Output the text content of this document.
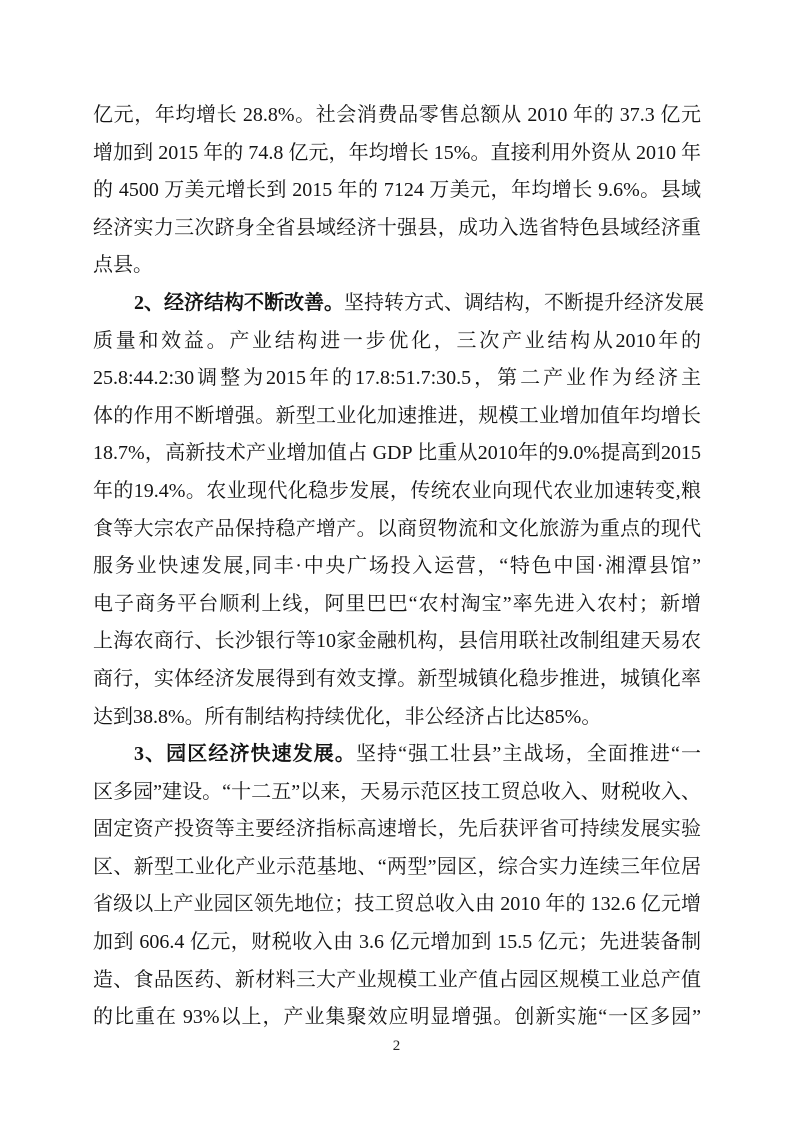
亿元，年均增长 28.8%。社会消费品零售总额从 2010 年的 37.3 亿元
增加到 2015 年的 74.8 亿元，年均增长 15%。直接利用外资从 2010 年
的 4500 万美元增长到 2015 年的 7124 万美元，年均增长 9.6%。县域
经济实力三次跻身全省县域经济十强县，成功入选省特色县域经济重
点县。
2、经济结构不断改善。坚持转方式、调结构，不断提升经济发展
质量和效益。产业结构进一步优化，三次产业结构从2010年的
25.8:44.2:30调整为2015年的17.8:51.7:30.5，第二产业作为经济主
体的作用不断增强。新型工业化加速推进，规模工业增加值年均增长
18.7%，高新技术产业增加值占 GDP 比重从2010年的9.0%提高到2015
年的19.4%。农业现代化稳步发展，传统农业向现代农业加速转变,粮
食等大宗农产品保持稳产增产。以商贸物流和文化旅游为重点的现代
服务业快速发展,同丰·中央广场投入运营，“特色中国·湘潭县馆”
电子商务平台顺利上线，阿里巴巴“农村淘宝”率先进入农村；新增
上海农商行、长沙银行等10家金融机构，县信用联社改制组建天易农
商行，实体经济发展得到有效支撑。新型城镇化稳步推进，城镇化率
达到38.8%。所有制结构持续优化，非公经济占比达85%。
3、园区经济快速发展。坚持“强工壮县”主战场，全面推进“一
区多园”建设。“十二五”以来，天易示范区技工贸总收入、财税收入、
固定资产投资等主要经济指标高速增长，先后获评省可持续发展实验
区、新型工业化产业示范基地、“两型”园区，综合实力连续三年位居
省级以上产业园区领先地位；技工贸总收入由 2010 年的 132.6 亿元增
加到 606.4 亿元，财税收入由 3.6 亿元增加到 15.5 亿元；先进装备制
造、食品医药、新材料三大产业规模工业产值占园区规模工业总产值
的比重在 93%以上，产业集聚效应明显增强。创新实施“一区多园”
2
